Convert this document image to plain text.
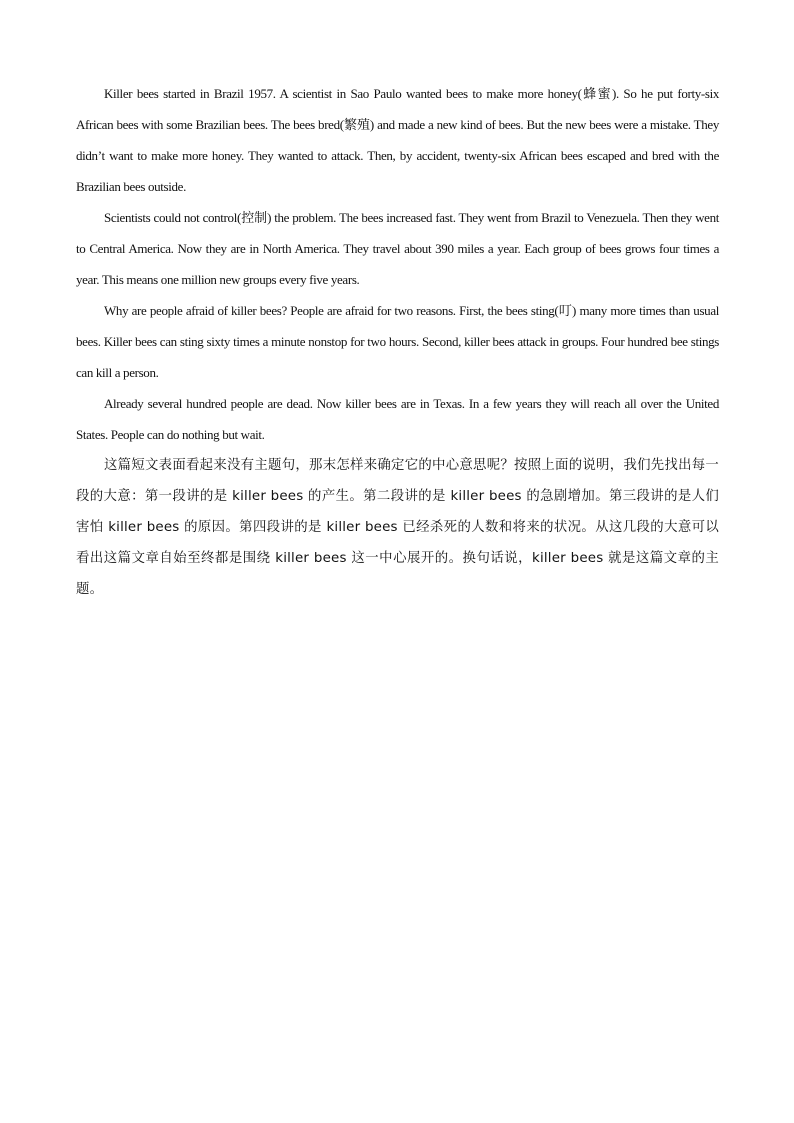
Killer bees started in Brazil 1957. A scientist in Sao Paulo wanted bees to make more honey(蜂蜜). So he put forty-six African bees with some Brazilian bees. The bees bred(繁殖) and made a new kind of bees. But the new bees were a mistake. They didn’t want to make more honey. They wanted to attack. Then, by accident, twenty-six African bees escaped and bred with the Brazilian bees outside.

Scientists could not control(控制) the problem. The bees increased fast. They went from Brazil to Venezuela. Then they went to Central America. Now they are in North America. They travel about 390 miles a year. Each group of bees grows four times a year. This means one million new groups every five years.

Why are people afraid of killer bees? People are afraid for two reasons. First, the bees sting(叮) many more times than usual bees. Killer bees can sting sixty times a minute nonstop for two hours. Second, killer bees attack in groups. Four hundred bee stings can kill a person.

Already several hundred people are dead. Now killer bees are in Texas. In a few years they will reach all over the United States. People can do nothing but wait.

这篇短文表面看起来没有主题句，那末怎样来确定它的中心意思呢？按照上面的说明，我们先找出每一段的大意：第一段讲的是 killer bees 的产生。第二段讲的是 killer bees 的急剧增加。第三段讲的是人们害怕 killer bees 的原因。第四段讲的是 killer bees 已经杀死的人数和将来的状况。从这几段的大意可以看出这篇文章自始至终都是围绕 killer bees 这一中心展开的。换句话说，killer bees 就是这篇文章的主题。
